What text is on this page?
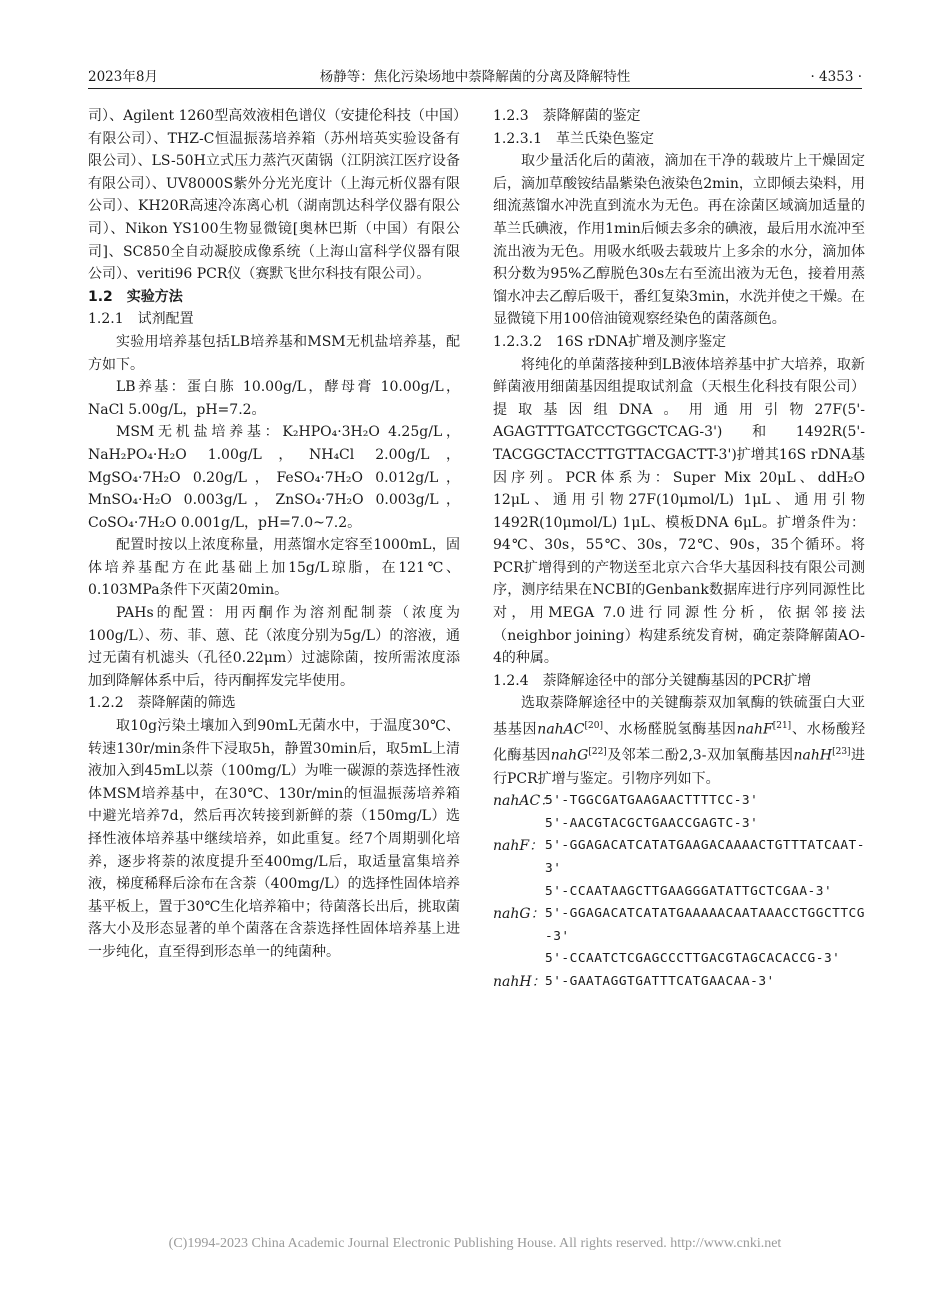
2023年8月	杨静等：焦化污染场地中萘降解菌的分离及降解特性	· 4353 ·

司）、Agilent 1260型高效液相色谱仪（安捷伦科技（中国）有限公司）、THZ-C恒温振荡培养箱（苏州培英实验设备有限公司）、LS-50H立式压力蒸汽灭菌锅（江阴滨江医疗设备有限公司）、UV8000S紫外分光光度计（上海元析仪器有限公司）、KH20R高速冷冻离心机（湖南凯达科学仪器有限公司）、Nikon YS100生物显微镜[奥林巴斯（中国）有限公司]、SC850全自动凝胶成像系统（上海山富科学仪器有限公司）、veriti96 PCR仪（赛默飞世尔科技有限公司）。

1.2　实验方法

1.2.1　试剂配置

实验用培养基包括LB培养基和MSM无机盐培养基，配方如下。

LB养基：蛋白胨 10.00g/L，酵母膏 10.00g/L，NaCl 5.00g/L，pH=7.2。

MSM无机盐培养基：K₂HPO₄·3H₂O 4.25g/L，NaH₂PO₄·H₂O 1.00g/L，NH₄Cl 2.00g/L，MgSO₄·7H₂O 0.20g/L，FeSO₄·7H₂O 0.012g/L，MnSO₄·H₂O 0.003g/L，ZnSO₄·7H₂O 0.003g/L，CoSO₄·7H₂O 0.001g/L，pH=7.0~7.2。

配置时按以上浓度称量，用蒸馏水定容至1000mL，固体培养基配方在此基础上加15g/L琼脂，在121℃、0.103MPa条件下灭菌20min。

PAHs的配置：用丙酮作为溶剂配制萘（浓度为100g/L）、芴、菲、蒽、芘（浓度分别为5g/L）的溶液，通过无菌有机滤头（孔径0.22μm）过滤除菌，按所需浓度添加到降解体系中后，待丙酮挥发完毕使用。

1.2.2　萘降解菌的筛选

取10g污染土壤加入到90mL无菌水中，于温度30℃、转速130r/min条件下浸取5h，静置30min后，取5mL上清液加入到45mL以萘（100mg/L）为唯一碳源的萘选择性液体MSM培养基中，在30℃、130r/min的恒温振荡培养箱中避光培养7d，然后再次转接到新鲜的萘（150mg/L）选择性液体培养基中继续培养，如此重复。经7个周期驯化培养，逐步将萘的浓度提升至400mg/L后，取适量富集培养液，梯度稀释后涂布在含萘（400mg/L）的选择性固体培养基平板上，置于30℃生化培养箱中；待菌落长出后，挑取菌落大小及形态显著的单个菌落在含萘选择性固体培养基上进一步纯化，直至得到形态单一的纯菌种。

1.2.3　萘降解菌的鉴定

1.2.3.1　革兰氏染色鉴定

取少量活化后的菌液，滴加在干净的载玻片上干燥固定后，滴加草酸铵结晶紫染色液染色2min，立即倾去染料，用细流蒸馏水冲洗直到流水为无色。再在涂菌区域滴加适量的革兰氏碘液，作用1min后倾去多余的碘液，最后用水流冲至流出液为无色。用吸水纸吸去载玻片上多余的水分，滴加体积分数为95%乙醇脱色30s左右至流出液为无色，接着用蒸馏水冲去乙醇后吸干，番红复染3min，水洗并使之干燥。在显微镜下用100倍油镜观察经染色的菌落颜色。

1.2.3.2　16S rDNA扩增及测序鉴定

将纯化的单菌落接种到LB液体培养基中扩大培养，取新鲜菌液用细菌基因组提取试剂盒（天根生化科技有限公司）提取基因组DNA。用通用引物27F(5'-AGAGTTTGATCCTGGCTCAG-3')和1492R(5'-TACGGCTACCTTGTTACGACTT-3')扩增其16S rDNA基因序列。PCR体系为：Super Mix 20μL、ddH₂O 12μL、通用引物27F(10μmol/L) 1μL、通用引物1492R(10μmol/L) 1μL、模板DNA 6μL。扩增条件为：94℃、30s，55℃、30s，72℃、90s，35个循环。将PCR扩增得到的产物送至北京六合华大基因科技有限公司测序，测序结果在NCBI的Genbank数据库进行序列同源性比对，用MEGA 7.0进行同源性分析，依据邻接法（neighbor joining）构建系统发育树，确定萘降解菌AO-4的种属。

1.2.4　萘降解途径中的部分关键酶基因的PCR扩增

选取萘降解途径中的关键酶萘双加氧酶的铁硫蛋白大亚基基因nahAC[20]、水杨醛脱氢酶基因nahF[21]、水杨酸羟化酶基因nahG[22]及邻苯二酚2,3-双加氧酶基因nahH[23]进行PCR扩增与鉴定。引物序列如下。

nahAC：
5'-TGGCGATGAAGAACTTTTCC-3'
5'-AACGTACGCTGAACCGAGTC-3'
nahF： 5'-GGAGACATCATATGAAGACAAAACTGTTTATCAAT-3'
5'-CCAATAAGCTTGAAGGGATATTGCTCGAA-3'
nahG： 5'-GGAGACATCATATGAAAAACAATAAACCTGGCTTCG-3'
5'-CCAATCTCGAGCCCTTGACGTAGCACACCG-3'
nahH： 5'-GAATAGGTGATTTCATGAACAA-3'
(C)1994-2023 China Academic Journal Electronic Publishing House. All rights reserved. http://www.cnki.net
